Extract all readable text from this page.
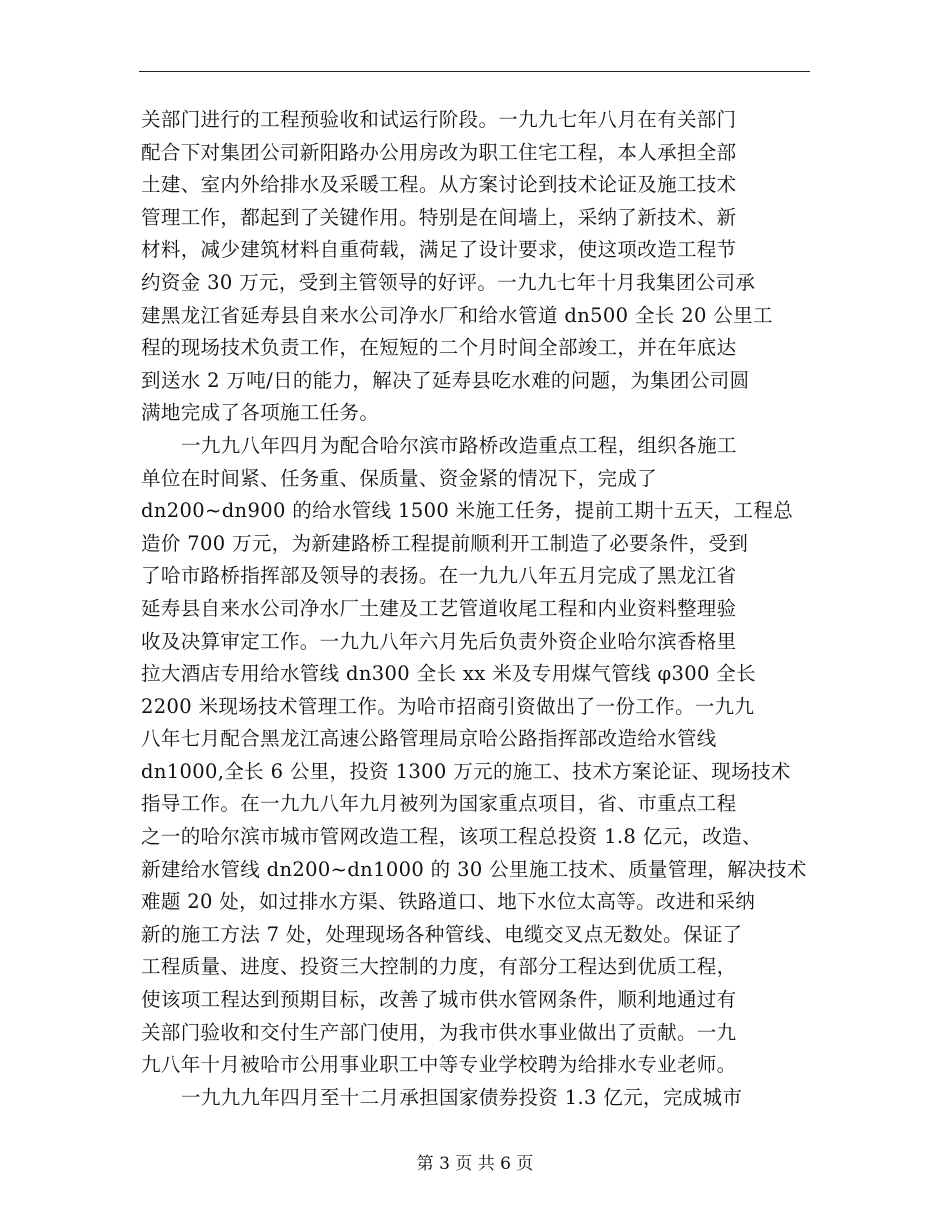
关部门进行的工程预验收和试运行阶段。一九九七年八月在有关部门
配合下对集团公司新阳路办公用房改为职工住宅工程，本人承担全部
土建、室内外给排水及采暖工程。从方案讨论到技术论证及施工技术
管理工作，都起到了关键作用。特别是在间墙上，采纳了新技术、新
材料，减少建筑材料自重荷载，满足了设计要求，使这项改造工程节
约资金 30 万元，受到主管领导的好评。一九九七年十月我集团公司承
建黑龙江省延寿县自来水公司净水厂和给水管道 dn500 全长 20 公里工
程的现场技术负责工作，在短短的二个月时间全部竣工，并在年底达
到送水 2 万吨/日的能力，解决了延寿县吃水难的问题，为集团公司圆
满地完成了各项施工任务。
一九九八年四月为配合哈尔滨市路桥改造重点工程，组织各施工
单位在时间紧、任务重、保质量、资金紧的情况下，完成了
dn200~dn900 的给水管线 1500 米施工任务，提前工期十五天，工程总
造价 700 万元，为新建路桥工程提前顺利开工制造了必要条件，受到
了哈市路桥指挥部及领导的表扬。在一九九八年五月完成了黑龙江省
延寿县自来水公司净水厂土建及工艺管道收尾工程和内业资料整理验
收及决算审定工作。一九九八年六月先后负责外资企业哈尔滨香格里
拉大酒店专用给水管线 dn300 全长 xx 米及专用煤气管线 φ300 全长
2200 米现场技术管理工作。为哈市招商引资做出了一份工作。一九九
八年七月配合黑龙江高速公路管理局京哈公路指挥部改造给水管线
dn1000,全长 6 公里，投资 1300 万元的施工、技术方案论证、现场技术
指导工作。在一九九八年九月被列为国家重点项目，省、市重点工程
之一的哈尔滨市城市管网改造工程，该项工程总投资 1.8 亿元，改造、
新建给水管线 dn200~dn1000 的 30 公里施工技术、质量管理，解决技术
难题 20 处，如过排水方渠、铁路道口、地下水位太高等。改进和采纳
新的施工方法 7 处，处理现场各种管线、电缆交叉点无数处。保证了
工程质量、进度、投资三大控制的力度，有部分工程达到优质工程，
使该项工程达到预期目标，改善了城市供水管网条件，顺利地通过有
关部门验收和交付生产部门使用，为我市供水事业做出了贡献。一九
九八年十月被哈市公用事业职工中等专业学校聘为给排水专业老师。
一九九九年四月至十二月承担国家债券投资 1.3 亿元，完成城市
第 3 页 共 6 页
